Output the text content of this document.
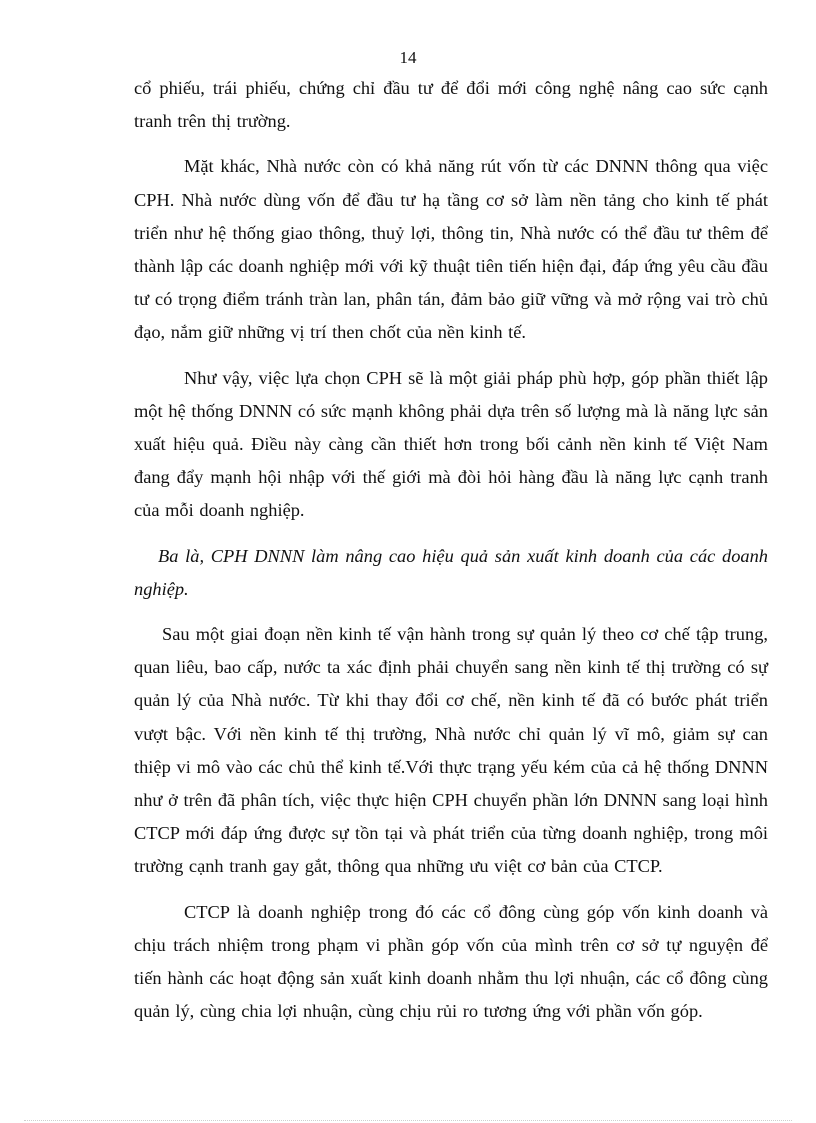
14

cổ phiếu, trái phiếu, chứng chỉ đầu tư để đổi mới công nghệ nâng cao sức cạnh tranh trên thị trường.

Mặt khác, Nhà nước còn có khả năng rút vốn từ các DNNN thông qua việc CPH. Nhà nước dùng vốn để đầu tư hạ tầng cơ sở làm nền tảng cho kinh tế phát triển như hệ thống giao thông, thuỷ lợi, thông tin, Nhà nước có thể đầu tư thêm để thành lập các doanh nghiệp mới với kỹ thuật tiên tiến hiện đại, đáp ứng yêu cầu đầu tư có trọng điểm tránh tràn lan, phân tán, đảm bảo giữ vững và mở rộng vai trò chủ đạo, nắm giữ những vị trí then chốt của nền kinh tế.

Như vậy, việc lựa chọn CPH sẽ là một giải pháp phù hợp, góp phần thiết lập một hệ thống DNNN có sức mạnh không phải dựa trên số lượng mà là năng lực sản xuất hiệu quả. Điều này càng cần thiết hơn trong bối cảnh nền kinh tế Việt Nam đang đẩy mạnh hội nhập với thế giới mà đòi hỏi hàng đầu là năng lực cạnh tranh của mỗi doanh nghiệp.

Ba là, CPH DNNN làm nâng cao hiệu quả sản xuất kinh doanh của các doanh nghiệp.

Sau một giai đoạn nền kinh tế vận hành trong sự quản lý theo cơ chế tập trung, quan liêu, bao cấp, nước ta xác định phải chuyển sang nền kinh tế thị trường có sự quản lý của Nhà nước. Từ khi thay đổi cơ chế, nền kinh tế đã có bước phát triển vượt bậc. Với nền kinh tế thị trường, Nhà nước chỉ quản lý vĩ mô, giảm sự can thiệp vi mô vào các chủ thể kinh tế.Với thực trạng yếu kém của cả hệ thống DNNN như ở trên đã phân tích, việc thực hiện CPH chuyển phần lớn DNNN sang loại hình CTCP mới đáp ứng được sự tồn tại và phát triển của từng doanh nghiệp, trong môi trường cạnh tranh gay gắt, thông qua những ưu việt cơ bản của CTCP.

CTCP là doanh nghiệp trong đó các cổ đông cùng góp vốn kinh doanh và chịu trách nhiệm trong phạm vi phần góp vốn của mình trên cơ sở tự nguyện để tiến hành các hoạt động sản xuất kinh doanh nhằm thu lợi nhuận, các cổ đông cùng quản lý, cùng chia lợi nhuận, cùng chịu rủi ro tương ứng với phần vốn góp.
